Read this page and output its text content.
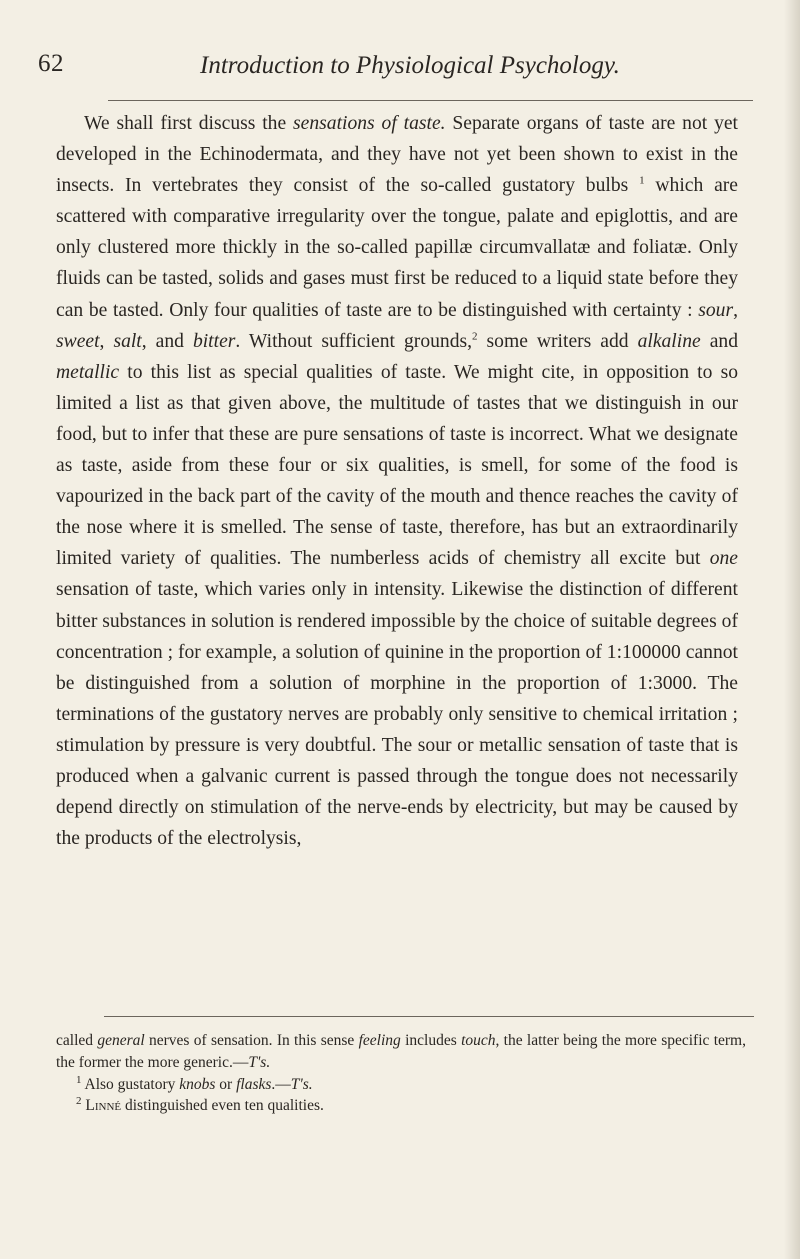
62	Introduction to Physiological Psychology.

We shall first discuss the sensations of taste. Separate organs of taste are not yet developed in the Echinodermata, and they have not yet been shown to exist in the insects. In vertebrates they consist of the so-called gustatory bulbs $^1$ which are scattered with comparative irregularity over the tongue, palate and epiglottis, and are only clustered more thickly in the so-called papillæ circumvallatæ and foliatæ. Only fluids can be tasted, solids and gases must first be reduced to a liquid state before they can be tasted. Only four qualities of taste are to be distinguished with certainty : sour, sweet, salt, and bitter. Without sufficient grounds,$^2$ some writers add alkaline and metallic to this list as special qualities of taste. We might cite, in opposition to so limited a list as that given above, the multitude of tastes that we distinguish in our food, but to infer that these are pure sensations of taste is incorrect. What we designate as taste, aside from these four or six qualities, is smell, for some of the food is vapourized in the back part of the cavity of the mouth and thence reaches the cavity of the nose where it is smelled. The sense of taste, therefore, has but an extraordinarily limited variety of qualities. The numberless acids of chemistry all excite but one sensation of taste, which varies only in intensity. Likewise the distinction of different bitter substances in solution is rendered impossible by the choice of suitable degrees of concentration ; for example, a solution of quinine in the proportion of 1:100000 cannot be distinguished from a solution of morphine in the proportion of 1:3000. The terminations of the gustatory nerves are probably only sensitive to chemical irritation ; stimulation by pressure is very doubtful. The sour or metallic sensation of taste that is produced when a galvanic current is passed through the tongue does not necessarily depend directly on stimulation of the nerve-ends by electricity, but may be caused by the products of the electrolysis,

called general nerves of sensation. In this sense feeling includes touch, the latter being the more specific term, the former the more generic.—T's.

$^1$ Also gustatory knobs or flasks.—T's.

$^2$ Linné distinguished even ten qualities.
